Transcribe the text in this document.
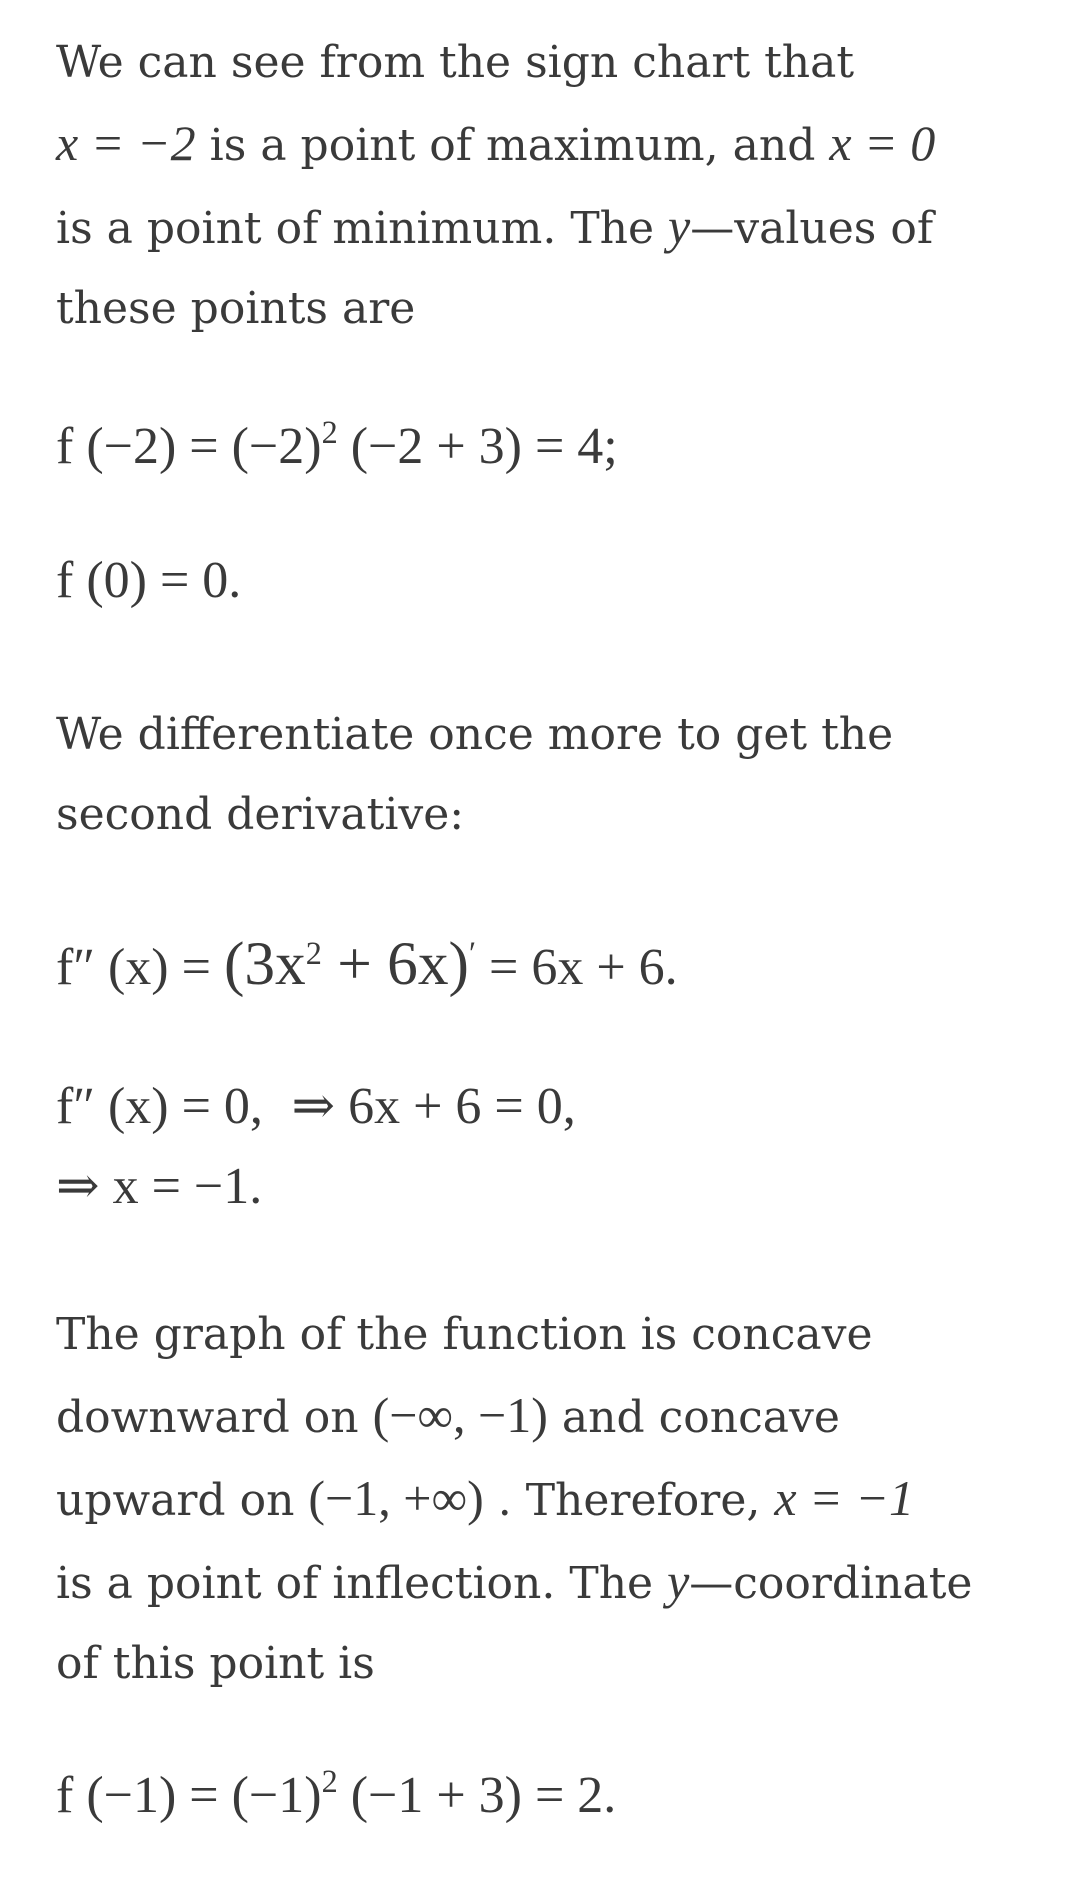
We can see from the sign chart that
x = −2 is a point of maximum, and x = 0
is a point of minimum. The y—values of
these points are
f $(-2) = (-2)^2$ (−2 + 3) = 4;
f (0) = 0.
We differentiate once more to get the
second derivative:
f″ $(x) = (3x^2 + 6x)' = 6x + 6$.
f″ (x) = 0, ⇒ 6x + 6 = 0,
⇒ x = −1.
The graph of the function is concave
downward on (−∞, −1) and concave
upward on (−1, +∞) . Therefore, x = −1
is a point of inflection. The y—coordinate
of this point is
f $(-1) = (-1)^2$ (−1 + 3) = 2.
